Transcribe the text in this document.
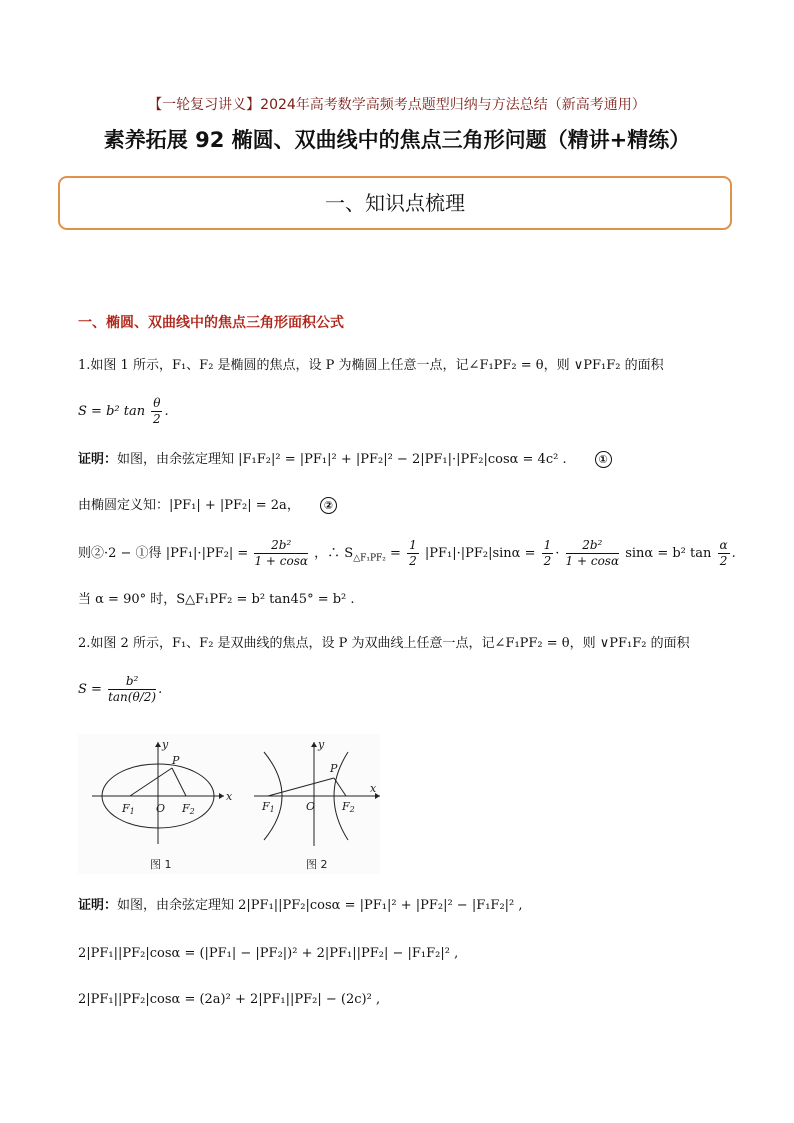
【一轮复习讲义】2024年高考数学高频考点题型归纳与方法总结（新高考通用）
素养拓展 92 椭圆、双曲线中的焦点三角形问题（精讲+精练）
一、知识点梳理
一、椭圆、双曲线中的焦点三角形面积公式
1.如图 1 所示，F₁、F₂ 是椭圆的焦点，设 P 为椭圆上任意一点，记∠F₁PF₂ = θ，则 ∨PF₁F₂ 的面积
S = b² $\tan \frac{\theta}{2}$ .
证明：如图，由余弦定理知 |F₁F₂|² = |PF₁|² + |PF₂|² − 2|PF₁|·|PF₂|cosα = 4c² .	①
由椭圆定义知：|PF₁| + |PF₂| = 2a， ②
则②·2 − ①得 $|PF_1|\cdot|PF_2| = \frac{\text{2b²}}{1 + \cos\alpha}$ ，∴ $S_{\triangle F_1PF_2} = \frac{1}{2} |PF_1|\cdot|PF_2|\sin\alpha = \frac{1}{2} \cdot \frac{\text{2b²}}{1 + \cos\alpha}$ sinα = b² $\tan \frac{\alpha}{2}$ .
当 α = 90° 时，S△F₁PF₂ = b² tan45° = b² .
2.如图 2 所示，F₁、F₂ 是双曲线的焦点，设 P 为双曲线上任意一点，记∠F₁PF₂ = θ，则 ∨PF₁F₂ 的面积
$S = \frac{\text{b²}}{\tan(\theta/2)}$ .
y
x
P
O
F1	F2
图 1
y
x
P
O
F1	F2
图 2
证明：如图，由余弦定理知 2|PF₁||PF₂|cosα = |PF₁|² + |PF₂|² − |F₁F₂|² ,
2|PF₁||PF₂|cosα = (|PF₁| − |PF₂|)² + 2|PF₁||PF₂| − |F₁F₂|² ,
2|PF₁||PF₂|cosα = (2a)² + 2|PF₁||PF₂| − (2c)² ,
